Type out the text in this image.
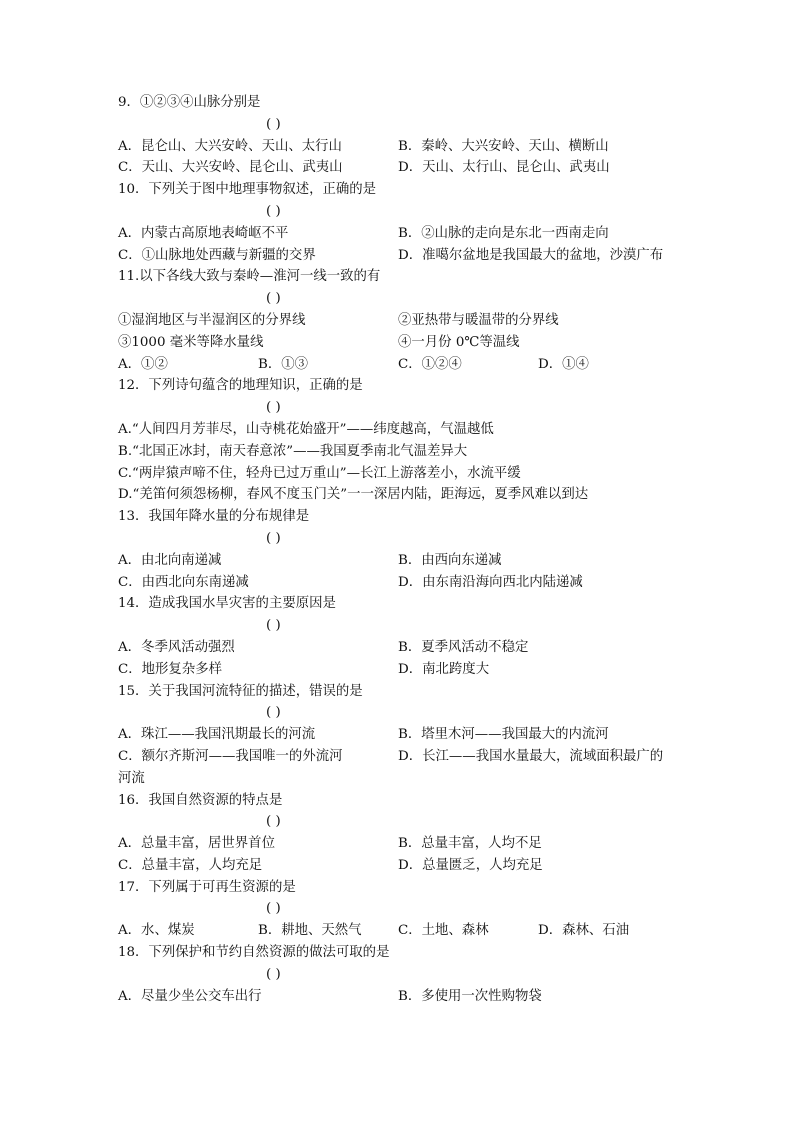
9．①②③④山脉分别是
( )
A．昆仑山、大兴安岭、天山、太行山	B．秦岭、大兴安岭、天山、横断山
C．天山、大兴安岭、昆仑山、武夷山	D．天山、太行山、昆仑山、武夷山
10．下列关于图中地理事物叙述，正确的是
( )
A．内蒙古高原地表崎岖不平	B．②山脉的走向是东北一西南走向
C．①山脉地处西藏与新疆的交界	D．准噶尔盆地是我国最大的盆地，沙漠广布
11.以下各线大致与秦岭—淮河一线一致的有
( )
①湿润地区与半湿润区的分界线	②亚热带与暖温带的分界线
③1000 毫米等降水量线	④一月份 0℃等温线
A．①②	B．①③	C．①②④	D．①④
12．下列诗句蕴含的地理知识，正确的是
( )
A.“人间四月芳菲尽，山寺桃花始盛开”——纬度越高，气温越低
B.“北国正冰封，南天春意浓”——我国夏季南北气温差异大
C.“两岸猿声啼不住，轻舟已过万重山”—长江上游落差小，水流平缓
D.“羌笛何须怨杨柳，春风不度玉门关”一一深居内陆，距海远，夏季风难以到达
13．我国年降水量的分布规律是
( )
A．由北向南递减	B．由西向东递减
C．由西北向东南递减	D．由东南沿海向西北内陆递减
14．造成我国水旱灾害的主要原因是
( )
A．冬季风活动强烈	B．夏季风活动不稳定
C．地形复杂多样	D．南北跨度大
15．关于我国河流特征的描述，错误的是
( )
A．珠江——我国汛期最长的河流	B．塔里木河——我国最大的内流河
C．额尔齐斯河——我国唯一的外流河	D．长江——我国水量最大，流域面积最广的
河流
16．我国自然资源的特点是
( )
A．总量丰富，居世界首位	B．总量丰富，人均不足
C．总量丰富，人均充足	D．总量匮乏，人均充足
17．下列属于可再生资源的是
( )
A．水、煤炭	B．耕地、天然气	C．土地、森林	D．森林、石油
18．下列保护和节约自然资源的做法可取的是
( )
A．尽量少坐公交车出行	B．多使用一次性购物袋
